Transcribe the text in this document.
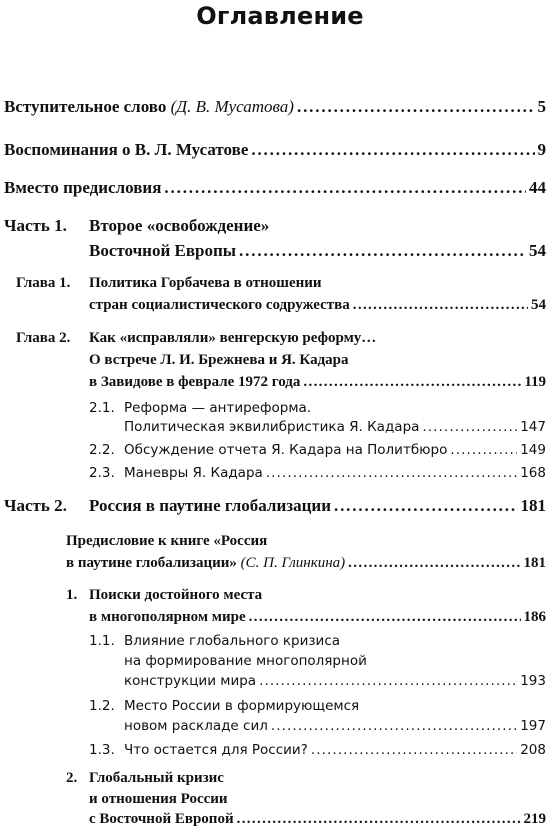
Оглавление
Вступительное слово (Д. В. Мусатова) . . .	5
Воспоминания о В. Л. Мусатове . . .	9
Вместо предисловия . . .	44
Часть 1. Второе «освобождение»
Восточной Европы . . .	54
Глава 1. Политика Горбачева в отношении
стран социалистического содружества . . .	54
Глава 2. Как «исправляли» венгерскую реформу…
О встрече Л. И. Брежнева и Я. Кадара
в Завидове в феврале 1972 года . . .	119
2.1. Реформа — антиреформа.
Политическая эквилибристика Я. Кадара . . .	147
2.2. Обсуждение отчета Я. Кадара на Политбюро . . .	149
2.3. Маневры Я. Кадара . . .	168
Часть 2.	Россия в паутине глобализации . . .	181
Предисловие к книге «Россия
в паутине глобализации» (С. П. Глинкина) . . .	181
1. Поиски достойного места
в многополярном мире . . .	186
1.1. Влияние глобального кризиса
на формирование многополярной
конструкции мира . . .	193
1.2. Место России в формирующемся
новом раскладе сил . . .	197
1.3. Что остается для России? . . .	208
2. Глобальный кризис
и отношения России
с Восточной Европой . . .	219
